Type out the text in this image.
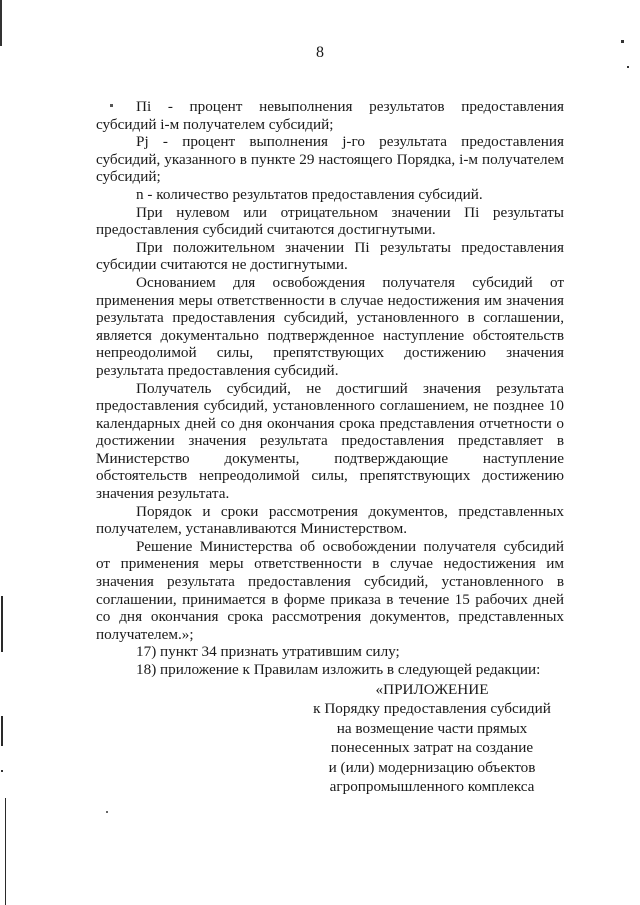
8

Пi - процент невыполнения результатов предоставления субсидий i-м получателем субсидий;

Pj - процент выполнения j-го результата предоставления субсидий, указанного в пункте 29 настоящего Порядка, i-м получателем субсидий;

n - количество результатов предоставления субсидий.

При нулевом или отрицательном значении Пi результаты предоставления субсидий считаются достигнутыми.

При положительном значении Пi результаты предоставления субсидии считаются не достигнутыми.

Основанием для освобождения получателя субсидий от применения меры ответственности в случае недостижения им значения результата предоставления субсидий, установленного в соглашении, является документально подтвержденное наступление обстоятельств непреодолимой силы, препятствующих достижению значения результата предоставления субсидий.

Получатель субсидий, не достигший значения результата предоставления субсидий, установленного соглашением, не позднее 10 календарных дней со дня окончания срока представления отчетности о достижении значения результата предоставления представляет в Министерство документы, подтверждающие наступление обстоятельств непреодолимой силы, препятствующих достижению значения результата.

Порядок и сроки рассмотрения документов, представленных получателем, устанавливаются Министерством.

Решение Министерства об освобождении получателя субсидий от применения меры ответственности в случае недостижения им значения результата предоставления субсидий, установленного в соглашении, принимается в форме приказа в течение 15 рабочих дней со дня окончания срока рассмотрения документов, представленных получателем.»;

17) пункт 34 признать утратившим силу;

18) приложение к Правилам изложить в следующей редакции:

«ПРИЛОЖЕНИЕ
к Порядку предоставления субсидий
на возмещение части прямых
понесенных затрат на создание
и (или) модернизацию объектов
агропромышленного комплекса
